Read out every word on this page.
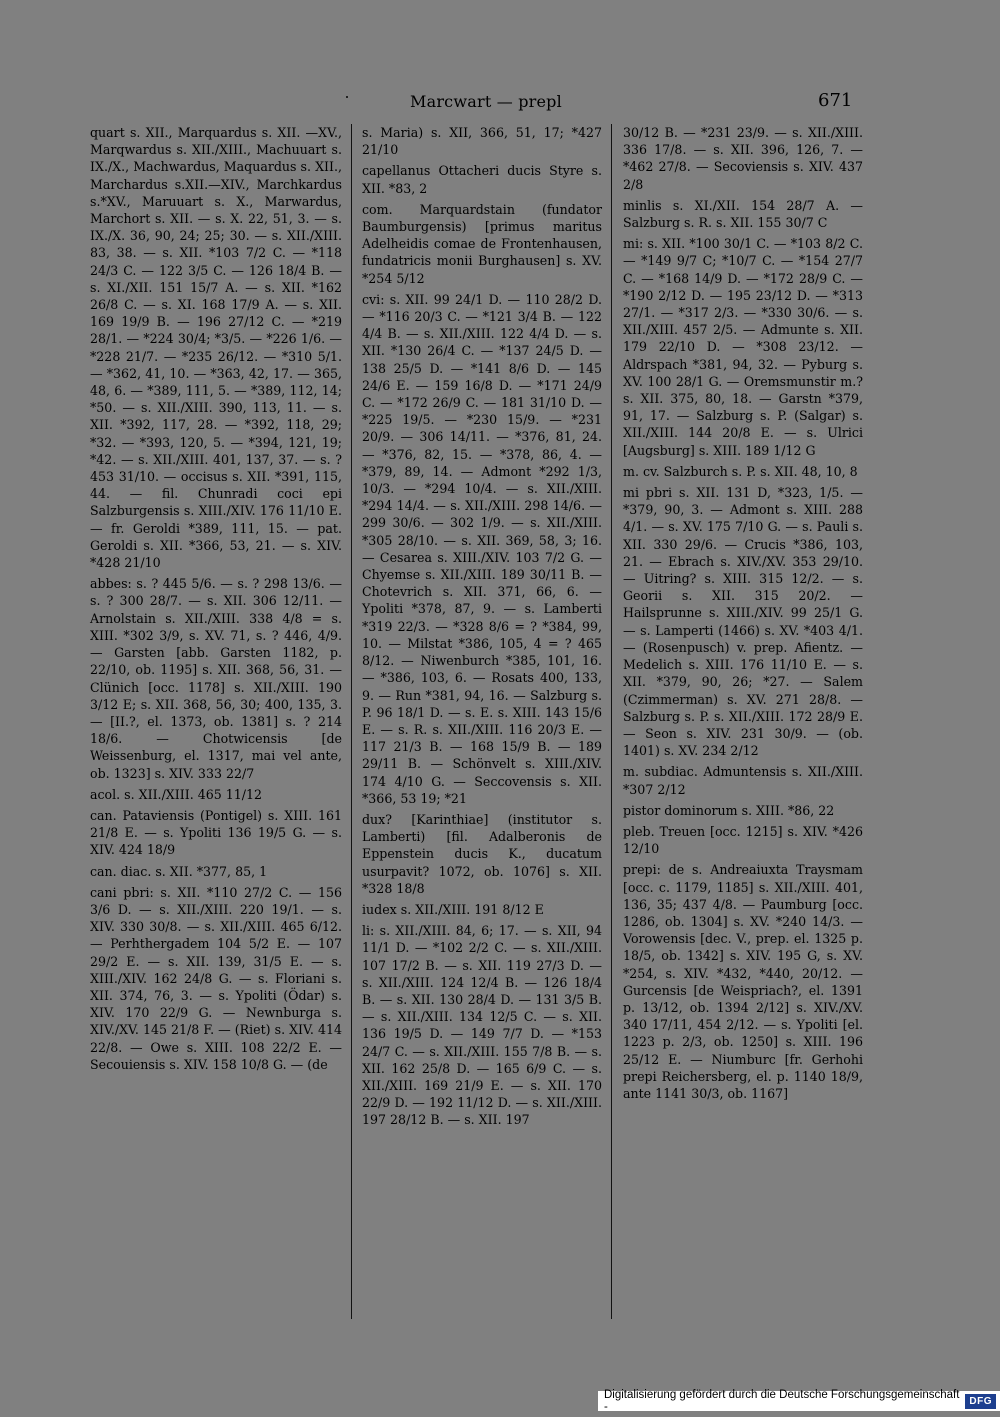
Marcwart — prepl	671

quart s. XII., Marquardus s. XII. —XV., Marqwardus s. XII./XIII., Machuuart s. IX./X., Machwardus, Maquardus s. XII., Marchardus s.XII.—XIV., Marchkardus s.*XV., Maruuart s. X., Marwardus, Marchort s. XII. — s. X. 22, 51, 3. — s. IX./X. 36, 90, 24; 25; 30. — s. XII./XIII. 83, 38. — s. XII. *103 7/2 C. — *118 24/3 C. — 122 3/5 C. — 126 18/4 B. — s. XI./XII. 151 15/7 A. — s. XII. *162 26/8 C. — s. XI. 168 17/9 A. — s. XII. 169 19/9 B. — 196 27/12 C. — *219 28/1. — *224 30/4; *3/5. — *226 1/6. — *228 21/7. — *235 26/12. — *310 5/1. — *362, 41, 10. — *363, 42, 17. — 365, 48, 6. — *389, 111, 5. — *389, 112, 14; *50. — s. XII./XIII. 390, 113, 11. — s. XII. *392, 117, 28. — *392, 118, 29; *32. — *393, 120, 5. — *394, 121, 19; *42. — s. XII./XIII. 401, 137, 37. — s. ? 453 31/10. — occisus s. XII. *391, 115, 44. — fil. Chunradi coci epi Salzburgensis s. XIII./XIV. 176 11/10 E. — fr. Geroldi *389, 111, 15. — pat. Geroldi s. XII. *366, 53, 21. — s. XIV. *428 21/10

abbes: s. ? 445 5/6. — s. ? 298 13/6. — s. ? 300 28/7. — s. XII. 306 12/11. — Arnolstain s. XII./XIII. 338 4/8 = s. XIII. *302 3/9, s. XV. 71, s. ? 446, 4/9. — Garsten [abb. Garsten 1182, p. 22/10, ob. 1195] s. XII. 368, 56, 31. — Clünich [occ. 1178] s. XII./XIII. 190 3/12 E; s. XII. 368, 56, 30; 400, 135, 3. — [II.?, el. 1373, ob. 1381] s. ? 214 18/6. — Chotwicensis [de Weissenburg, el. 1317, mai vel ante, ob. 1323] s. XIV. 333 22/7

acol. s. XII./XIII. 465 11/12

can. Pataviensis (Pontigel) s. XIII. 161 21/8 E. — s. Ypoliti 136 19/5 G. — s. XIV. 424 18/9

can. diac. s. XII. *377, 85, 1

cani pbri: s. XII. *110 27/2 C. — 156 3/6 D. — s. XII./XIII. 220 19/1. — s. XIV. 330 30/8. — s. XII./XIII. 465 6/12. — Perhthergadem 104 5/2 E. — 107 29/2 E. — s. XII. 139, 31/5 E. — s. XIII./XIV. 162 24/8 G. — s. Floriani s. XII. 374, 76, 3. — s. Ypoliti (Ödar) s. XIV. 170 22/9 G. — Newnburga s. XIV./XV. 145 21/8 F. — (Riet) s. XIV. 414 22/8. — Owe s. XIII. 108 22/2 E. — Secouiensis s. XIV. 158 10/8 G. — (de

s. Maria) s. XII, 366, 51, 17; *427 21/10

capellanus Ottacheri ducis Styre s. XII. *83, 2

com. Marquardstain (fundator Baumburgensis) [primus maritus Adelheidis comae de Frontenhausen, fundatricis monii Burghausen] s. XV. *254 5/12

cvi: s. XII. 99 24/1 D. — 110 28/2 D. — *116 20/3 C. — *121 3/4 B. — 122 4/4 B. — s. XII./XIII. 122 4/4 D. — s. XII. *130 26/4 C. — *137 24/5 D. — 138 25/5 D. — *141 8/6 D. — 145 24/6 E. — 159 16/8 D. — *171 24/9 C. — *172 26/9 C. — 181 31/10 D. — *225 19/5. — *230 15/9. — *231 20/9. — 306 14/11. — *376, 81, 24. — *376, 82, 15. — *378, 86, 4. — *379, 89, 14. — Admont *292 1/3, 10/3. — *294 10/4. — s. XII./XIII. *294 14/4. — s. XII./XIII. 298 14/6. — 299 30/6. — 302 1/9. — s. XII./XIII. *305 28/10. — s. XII. 369, 58, 3; 16. — Cesarea s. XIII./XIV. 103 7/2 G. — Chyemse s. XII./XIII. 189 30/11 B. — Chotevrich s. XII. 371, 66, 6. — Ypoliti *378, 87, 9. — s. Lamberti *319 22/3. — *328 8/6 = ? *384, 99, 10. — Milstat *386, 105, 4 = ? 465 8/12. — Niwenburch *385, 101, 16. — *386, 103, 6. — Rosats 400, 133, 9. — Run *381, 94, 16. — Salzburg s. P. 96 18/1 D. — s. E. s. XIII. 143 15/6 E. — s. R. s. XII./XIII. 116 20/3 E. — 117 21/3 B. — 168 15/9 B. — 189 29/11 B. — Schönvelt s. XIII./XIV. 174 4/10 G. — Seccovensis s. XII. *366, 53 19; *21

dux? [Karinthiae] (institutor s. Lamberti) [fil. Adalberonis de Eppenstein ducis K., ducatum usurpavit? 1072, ob. 1076] s. XII. *328 18/8

iudex s. XII./XIII. 191 8/12 E

li: s. XII./XIII. 84, 6; 17. — s. XII, 94 11/1 D. — *102 2/2 C. — s. XII./XIII. 107 17/2 B. — s. XII. 119 27/3 D. — s. XII./XIII. 124 12/4 B. — 126 18/4 B. — s. XII. 130 28/4 D. — 131 3/5 B. — s. XII./XIII. 134 12/5 C. — s. XII. 136 19/5 D. — 149 7/7 D. — *153 24/7 C. — s. XII./XIII. 155 7/8 B. — s. XII. 162 25/8 D. — 165 6/9 C. — s. XII./XIII. 169 21/9 E. — s. XII. 170 22/9 D. — 192 11/12 D. — s. XII./XIII. 197 28/12 B. — s. XII. 197

30/12 B. — *231 23/9. — s. XII./XIII. 336 17/8. — s. XII. 396, 126, 7. — *462 27/8. — Secoviensis s. XIV. 437 2/8

minlis s. XI./XII. 154 28/7 A. — Salzburg s. R. s. XII. 155 30/7 C

mi: s. XII. *100 30/1 C. — *103 8/2 C. — *149 9/7 C; *10/7 C. — *154 27/7 C. — *168 14/9 D. — *172 28/9 C. — *190 2/12 D. — 195 23/12 D. — *313 27/1. — *317 2/3. — *330 30/6. — s. XII./XIII. 457 2/5. — Admunte s. XII. 179 22/10 D. — *308 23/12. — Aldrspach *381, 94, 32. — Pyburg s. XV. 100 28/1 G. — Oremsmunstir m.? s. XII. 375, 80, 18. — Garstn *379, 91, 17. — Salzburg s. P. (Salgar) s. XII./XIII. 144 20/8 E. — s. Ulrici [Augsburg] s. XIII. 189 1/12 G

m. cv. Salzburch s. P. s. XII. 48, 10, 8

mi pbri s. XII. 131 D, *323, 1/5. — *379, 90, 3. — Admont s. XIII. 288 4/1. — s. XV. 175 7/10 G. — s. Pauli s. XII. 330 29/6. — Crucis *386, 103, 21. — Ebrach s. XIV./XV. 353 29/10. — Uitring? s. XIII. 315 12/2. — s. Georii s. XII. 315 20/2. — Hailsprunne s. XIII./XIV. 99 25/1 G. — s. Lamperti (1466) s. XV. *403 4/1. — (Rosenpusch) v. prep. Afientz. — Medelich s. XIII. 176 11/10 E. — s. XII. *379, 90, 26; *27. — Salem (Czimmerman) s. XV. 271 28/8. — Salzburg s. P. s. XII./XIII. 172 28/9 E. — Seon s. XIV. 231 30/9. — (ob. 1401) s. XV. 234 2/12

m. subdiac. Admuntensis s. XII./XIII. *307 2/12

pistor dominorum s. XIII. *86, 22

pleb. Treuen [occ. 1215] s. XIV. *426 12/10

prepi: de s. Andreaiuxta Traysmam [occ. c. 1179, 1185] s. XII./XIII. 401, 136, 35; 437 4/8. — Paumburg [occ. 1286, ob. 1304] s. XV. *240 14/3. — Vorowensis [dec. V., prep. el. 1325 p. 18/5, ob. 1342] s. XIV. 195 G, s. XV. *254, s. XIV. *432, *440, 20/12. — Gurcensis [de Weispriach?, el. 1391 p. 13/12, ob. 1394 2/12] s. XIV./XV. 340 17/11, 454 2/12. — s. Ypoliti [el. 1223 p. 2/3, ob. 1250] s. XIII. 196 25/12 E. — Niumburc [fr. Gerhohi prepi Reichersberg, el. p. 1140 18/9, ante 1141 30/3, ob. 1167]

Digitalisierung gefördert durch die Deutsche Forschungsgemeinschaft -	DFG
